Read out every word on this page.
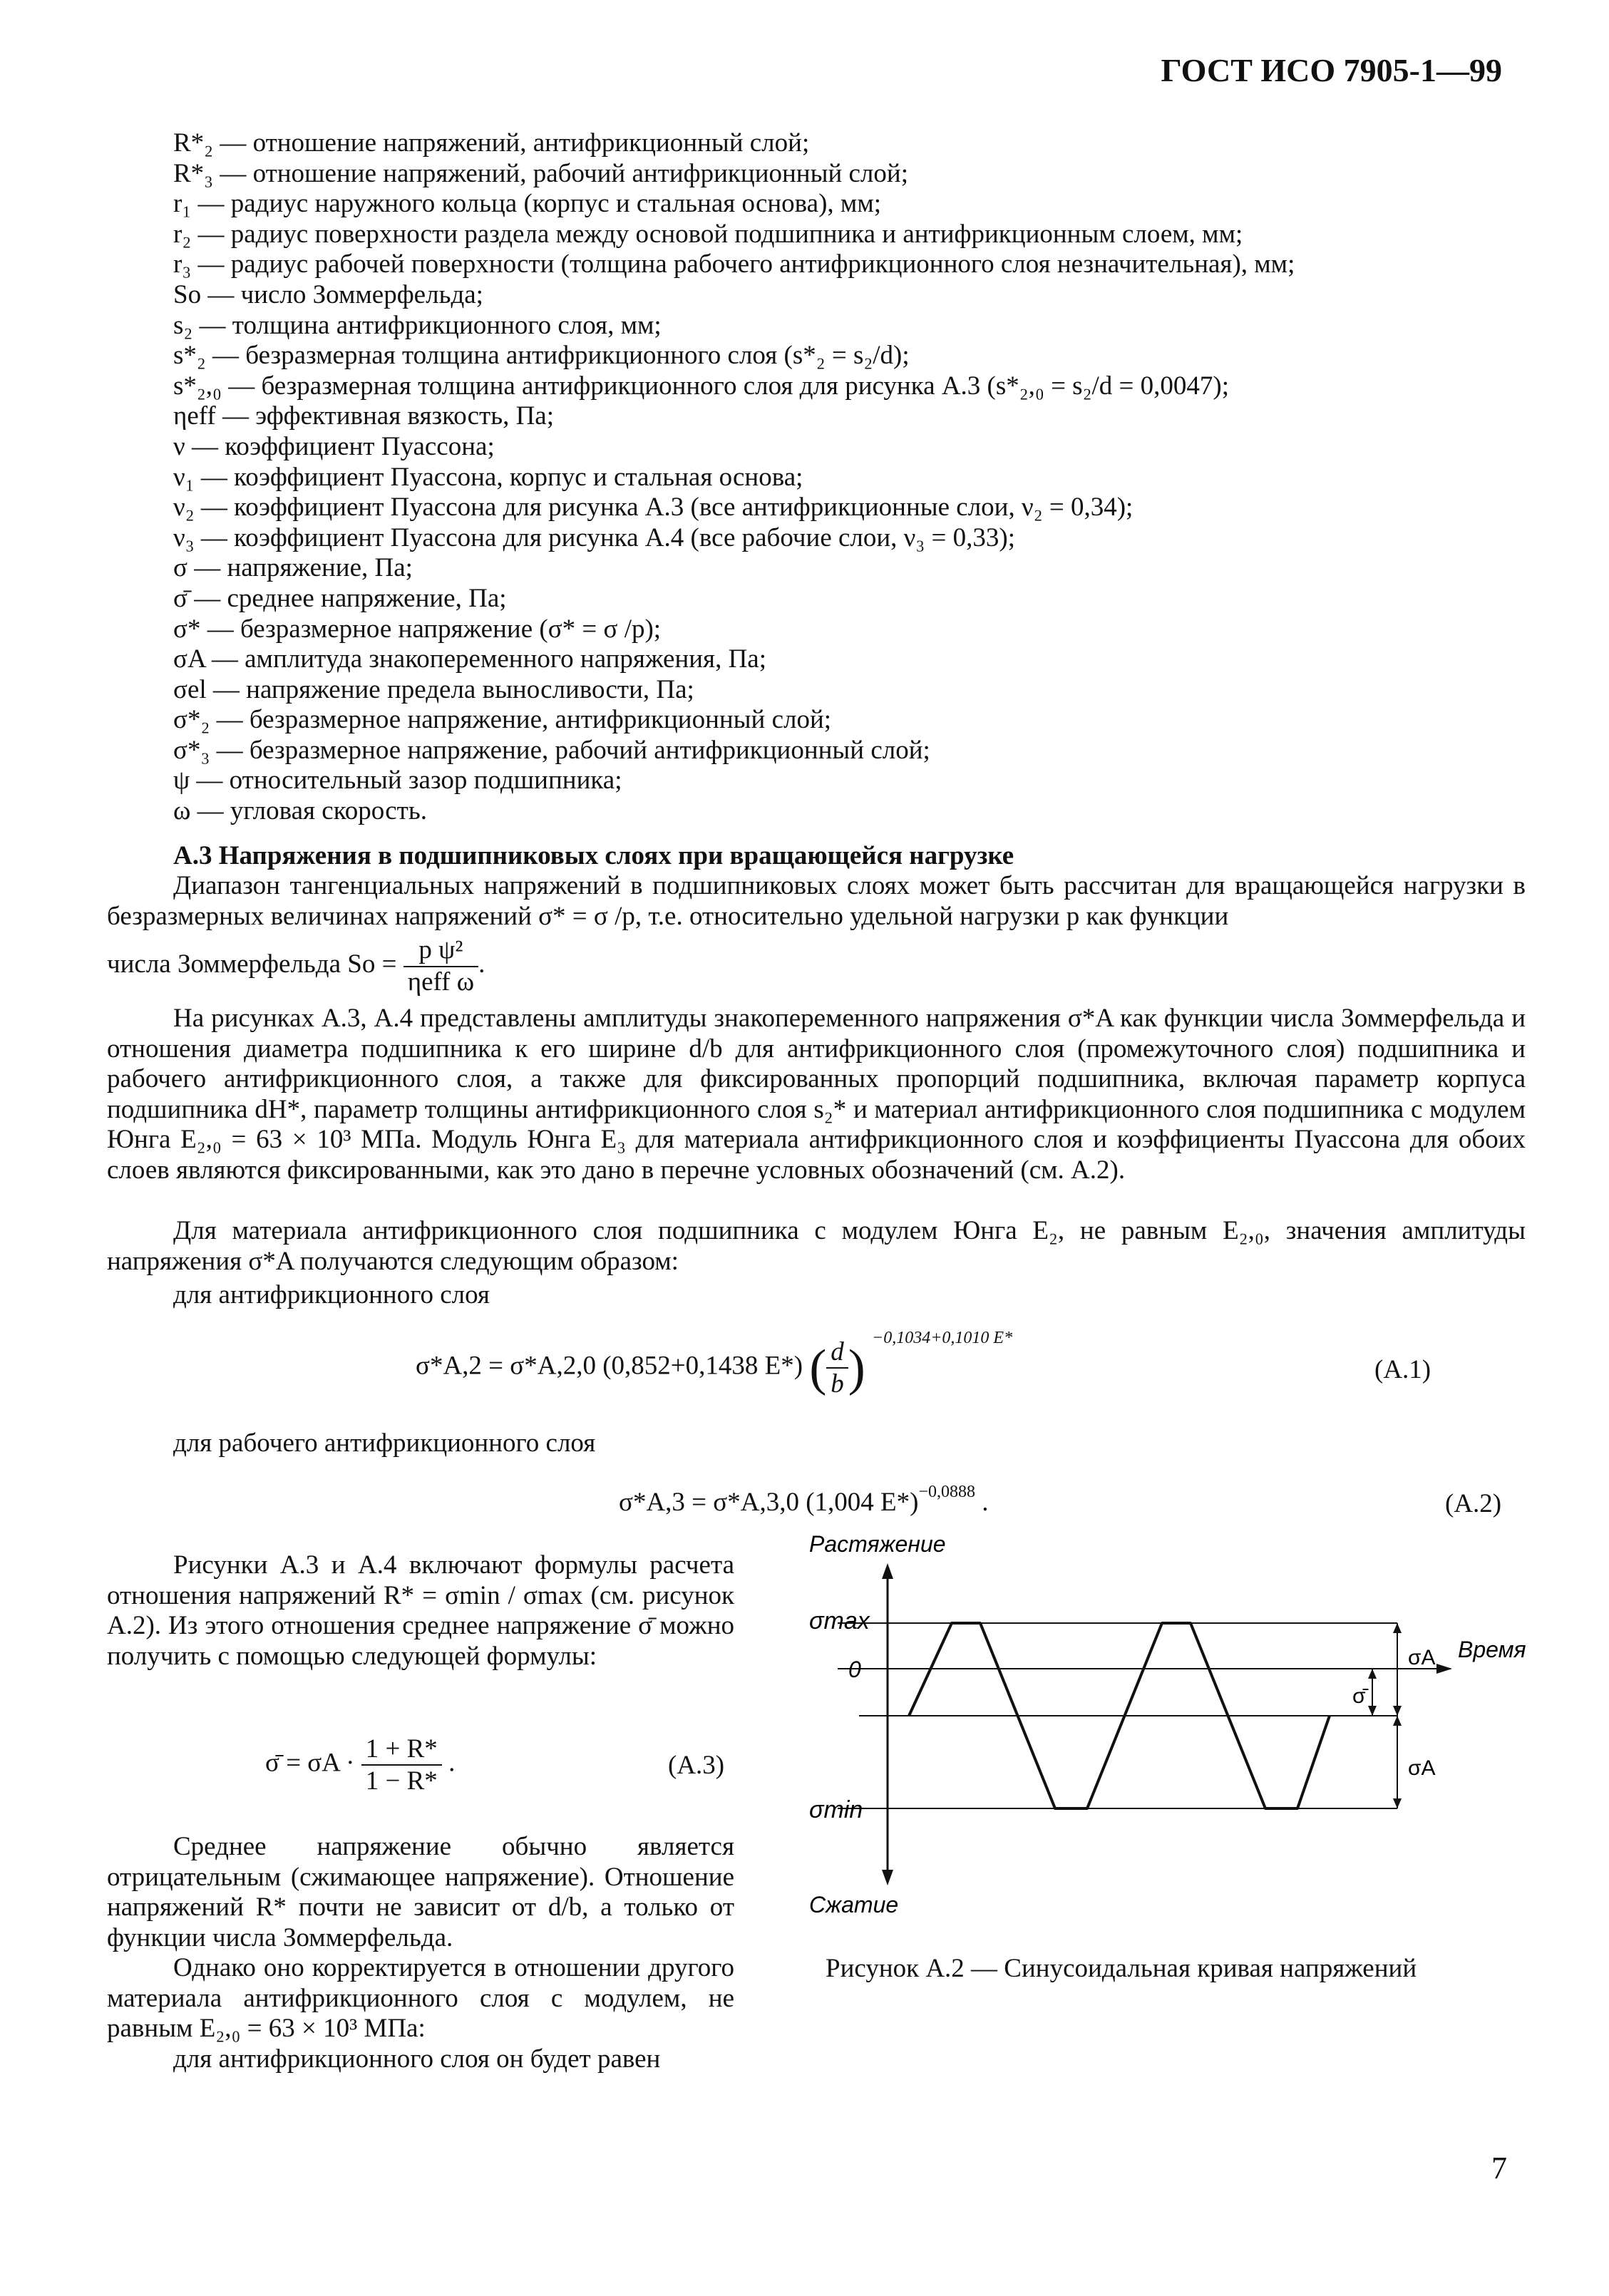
ГОСТ ИСО 7905-1—99
R*₂ — отношение напряжений, антифрикционный слой;
R*₃ — отношение напряжений, рабочий антифрикционный слой;
r₁ — радиус наружного кольца (корпус и стальная основа), мм;
r₂ — радиус поверхности раздела между основой подшипника и антифрикционным слоем, мм;
r₃ — радиус рабочей поверхности (толщина рабочего антифрикционного слоя незначительная), мм;
So — число Зоммерфельда;
s₂ — толщина антифрикционного слоя, мм;
s*₂ — безразмерная толщина антифрикционного слоя (s*₂ = s₂/d);
s*₂,₀ — безразмерная толщина антифрикционного слоя для рисунка А.3 (s*₂,₀ = s₂/d = 0,0047);
ηeff — эффективная вязкость, Па;
ν — коэффициент Пуассона;
ν₁ — коэффициент Пуассона, корпус и стальная основа;
ν₂ — коэффициент Пуассона для рисунка А.3 (все антифрикционные слои, ν₂ = 0,34);
ν₃ — коэффициент Пуассона для рисунка А.4 (все рабочие слои, ν₃ = 0,33);
σ — напряжение, Па;
σ̄ — среднее напряжение, Па;
σ* — безразмерное напряжение (σ* = σ /p);
σA — амплитуда знакопеременного напряжения, Па;
σel — напряжение предела выносливости, Па;
σ*₂ — безразмерное напряжение, антифрикционный слой;
σ*₃ — безразмерное напряжение, рабочий антифрикционный слой;
ψ — относительный зазор подшипника;
ω — угловая скорость.
А.3 Напряжения в подшипниковых слоях при вращающейся нагрузке
Диапазон тангенциальных напряжений в подшипниковых слоях может быть рассчитан для вращающейся нагрузки в безразмерных величинах напряжений σ* = σ /p, т.е. относительно удельной нагрузки p как функции
числа Зоммерфельда $So = \frac{\text{p ψ²}}{\text{ηeff ω}}$ .
На рисунках А.3, А.4 представлены амплитуды знакопеременного напряжения σ*A как функции числа Зоммерфельда и отношения диаметра подшипника к его ширине d/b для антифрикционного слоя (промежуточного слоя) подшипника и рабочего антифрикционного слоя, а также для фиксированных пропорций подшипника, включая параметр корпуса подшипника dH*, параметр толщины антифрикционного слоя s₂* и материал антифрикционного слоя подшипника с модулем Юнга E₂,₀ = 63 × 10³ МПа. Модуль Юнга E₃ для материала антифрикционного слоя и коэффициенты Пуассона для обоих слоев являются фиксированными, как это дано в перечне условных обозначений (см. А.2).
Для материала антифрикционного слоя подшипника с модулем Юнга E₂, не равным E₂,₀, значения амплитуды напряжения σ*A получаются следующим образом:
для антифрикционного слоя
σ*A,2 = σ*A,2,0 (0,852+0,1438 E*) ( $\frac{d}{b}$ ) $^{-0,1034+0,1010 E*}$
(А.1)
для рабочего антифрикционного слоя
σ*A,3 = σ*A,3,0 (1,004 E*)$^{-0,0888}$ .	(А.2)
Рисунки А.3 и А.4 включают формулы расчета отношения напряжений R* = σmin / σmax (см. рисунок А.2). Из этого отношения среднее напряжение σ̄ можно получить с помощью следующей формулы:
σ̄ = $\sigma A \cdot \frac{1 + R*}{1 - R*}$ .	(А.3)
Среднее напряжение обычно является отрицательным (сжимающее напряжение). Отношение напряжений R* почти не зависит от d/b, а только от функции числа Зоммерфельда.
Однако оно корректируется в отношении другого материала антифрикционного слоя с модулем, не равным E₂,₀ = 63 × 10³ МПа:
для антифрикционного слоя он будет равен
Растяжение
σmax
0
σmin
Время
σ̄
σA
σA
Сжатие
Рисунок А.2 — Синусоидальная кривая напряжений
7
